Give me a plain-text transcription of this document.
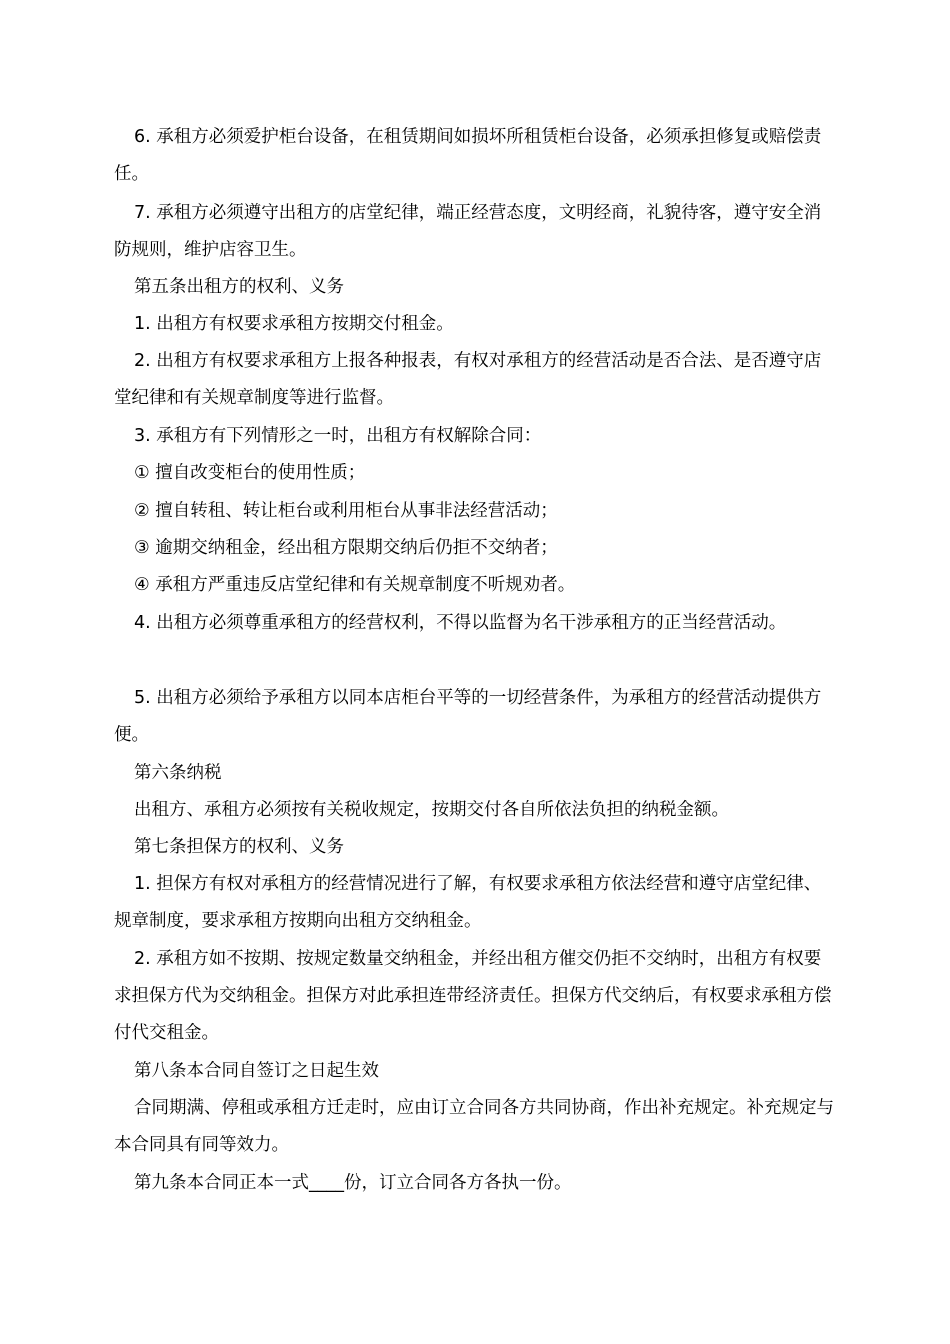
6. 承租方必须爱护柜台设备，在租赁期间如损坏所租赁柜台设备，必须承担修复或赔偿责任。

7. 承租方必须遵守出租方的店堂纪律，端正经营态度，文明经商，礼貌待客，遵守安全消防规则，维护店容卫生。

第五条出租方的权利、义务

1. 出租方有权要求承租方按期交付租金。

2. 出租方有权要求承租方上报各种报表，有权对承租方的经营活动是否合法、是否遵守店堂纪律和有关规章制度等进行监督。

3. 承租方有下列情形之一时，出租方有权解除合同：

① 擅自改变柜台的使用性质；

② 擅自转租、转让柜台或利用柜台从事非法经营活动；

③ 逾期交纳租金，经出租方限期交纳后仍拒不交纳者；

④ 承租方严重违反店堂纪律和有关规章制度不听规劝者。

4. 出租方必须尊重承租方的经营权利，不得以监督为名干涉承租方的正当经营活动。

5. 出租方必须给予承租方以同本店柜台平等的一切经营条件，为承租方的经营活动提供方便。

第六条纳税

出租方、承租方必须按有关税收规定，按期交付各自所依法负担的纳税金额。

第七条担保方的权利、义务

1. 担保方有权对承租方的经营情况进行了解，有权要求承租方依法经营和遵守店堂纪律、规章制度，要求承租方按期向出租方交纳租金。

2. 承租方如不按期、按规定数量交纳租金，并经出租方催交仍拒不交纳时，出租方有权要求担保方代为交纳租金。担保方对此承担连带经济责任。担保方代交纳后，有权要求承租方偿付代交租金。

第八条本合同自签订之日起生效

合同期满、停租或承租方迁走时，应由订立合同各方共同协商，作出补充规定。补充规定与本合同具有同等效力。

第九条本合同正本一式____份，订立合同各方各执一份。
